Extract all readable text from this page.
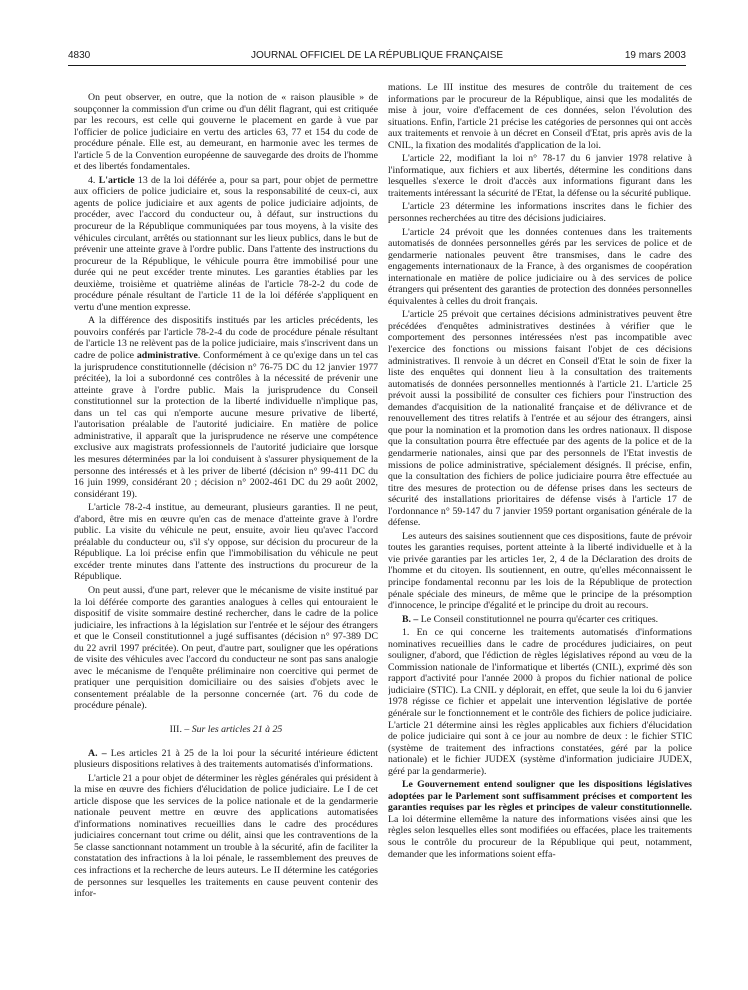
4830	JOURNAL OFFICIEL DE LA RÉPUBLIQUE FRANÇAISE	19 mars 2003

On peut observer, en outre, que la notion de « raison plausible » de soupçonner la commission d'un crime ou d'un délit flagrant, qui est critiquée par les recours, est celle qui gouverne le placement en garde à vue par l'officier de police judiciaire en vertu des articles 63, 77 et 154 du code de procédure pénale. Elle est, au demeurant, en harmonie avec les termes de l'article 5 de la Convention européenne de sauvegarde des droits de l'homme et des libertés fondamentales.

4. L'article 13 de la loi déférée a, pour sa part, pour objet de permettre aux officiers de police judiciaire et, sous la responsabilité de ceux-ci, aux agents de police judiciaire et aux agents de police judiciaire adjoints, de procéder, avec l'accord du conducteur ou, à défaut, sur instructions du procureur de la République communiquées par tous moyens, à la visite des véhicules circulant, arrêtés ou stationnant sur les lieux publics, dans le but de prévenir une atteinte grave à l'ordre public. Dans l'attente des instructions du procureur de la République, le véhicule pourra être immobilisé pour une durée qui ne peut excéder trente minutes. Les garanties établies par les deuxième, troisième et quatrième alinéas de l'article 78-2-2 du code de procédure pénale résultant de l'article 11 de la loi déférée s'appliquent en vertu d'une mention expresse.

A la différence des dispositifs institués par les articles précédents, les pouvoirs conférés par l'article 78-2-4 du code de procédure pénale résultant de l'article 13 ne relèvent pas de la police judiciaire, mais s'inscrivent dans un cadre de police administrative. Conformément à ce qu'exige dans un tel cas la jurisprudence constitutionnelle (décision n° 76-75 DC du 12 janvier 1977 précitée), la loi a subordonné ces contrôles à la nécessité de prévenir une atteinte grave à l'ordre public. Mais la jurisprudence du Conseil constitutionnel sur la protection de la liberté individuelle n'implique pas, dans un tel cas qui n'emporte aucune mesure privative de liberté, l'autorisation préalable de l'autorité judiciaire. En matière de police administrative, il apparaît que la jurisprudence ne réserve une compétence exclusive aux magistrats professionnels de l'autorité judiciaire que lorsque les mesures déterminées par la loi conduisent à s'assurer physiquement de la personne des intéressés et à les priver de liberté (décision n° 99-411 DC du 16 juin 1999, considérant 20 ; décision n° 2002-461 DC du 29 août 2002, considérant 19).

L'article 78-2-4 institue, au demeurant, plusieurs garanties. Il ne peut, d'abord, être mis en œuvre qu'en cas de menace d'atteinte grave à l'ordre public. La visite du véhicule ne peut, ensuite, avoir lieu qu'avec l'accord préalable du conducteur ou, s'il s'y oppose, sur décision du procureur de la République. La loi précise enfin que l'immobilisation du véhicule ne peut excéder trente minutes dans l'attente des instructions du procureur de la République.

On peut aussi, d'une part, relever que le mécanisme de visite institué par la loi déférée comporte des garanties analogues à celles qui entouraient le dispositif de visite sommaire destiné rechercher, dans le cadre de la police judiciaire, les infractions à la législation sur l'entrée et le séjour des étrangers et que le Conseil constitutionnel a jugé suffisantes (décision n° 97-389 DC du 22 avril 1997 précitée). On peut, d'autre part, souligner que les opérations de visite des véhicules avec l'accord du conducteur ne sont pas sans analogie avec le mécanisme de l'enquête préliminaire non coercitive qui permet de pratiquer une perquisition domiciliaire ou des saisies d'objets avec le consentement préalable de la personne concernée (art. 76 du code de procédure pénale).

III. – Sur les articles 21 à 25

A. – Les articles 21 à 25 de la loi pour la sécurité intérieure édictent plusieurs dispositions relatives à des traitements automatisés d'informations.

L'article 21 a pour objet de déterminer les règles générales qui président à la mise en œuvre des fichiers d'élucidation de police judiciaire. Le I de cet article dispose que les services de la police nationale et de la gendarmerie nationale peuvent mettre en œuvre des applications automatisées d'informations nominatives recueillies dans le cadre des procédures judiciaires concernant tout crime ou délit, ainsi que les contraventions de la 5e classe sanctionnant notamment un trouble à la sécurité, afin de faciliter la constatation des infractions à la loi pénale, le rassemblement des preuves de ces infractions et la recherche de leurs auteurs. Le II détermine les catégories de personnes sur lesquelles les traitements en cause peuvent contenir des infor-

mations. Le III institue des mesures de contrôle du traitement de ces informations par le procureur de la République, ainsi que les modalités de mise à jour, voire d'effacement de ces données, selon l'évolution des situations. Enfin, l'article 21 précise les catégories de personnes qui ont accès aux traitements et renvoie à un décret en Conseil d'Etat, pris après avis de la CNIL, la fixation des modalités d'application de la loi.

L'article 22, modifiant la loi n° 78-17 du 6 janvier 1978 relative à l'informatique, aux fichiers et aux libertés, détermine les conditions dans lesquelles s'exerce le droit d'accès aux informations figurant dans les traitements intéressant la sécurité de l'Etat, la défense ou la sécurité publique.

L'article 23 détermine les informations inscrites dans le fichier des personnes recherchées au titre des décisions judiciaires.

L'article 24 prévoit que les données contenues dans les traitements automatisés de données personnelles gérés par les services de police et de gendarmerie nationales peuvent être transmises, dans le cadre des engagements internationaux de la France, à des organismes de coopération internationale en matière de police judiciaire ou à des services de police étrangers qui présentent des garanties de protection des données personnelles équivalentes à celles du droit français.

L'article 25 prévoit que certaines décisions administratives peuvent être précédées d'enquêtes administratives destinées à vérifier que le comportement des personnes intéressées n'est pas incompatible avec l'exercice des fonctions ou missions faisant l'objet de ces décisions administratives. Il renvoie à un décret en Conseil d'Etat le soin de fixer la liste des enquêtes qui donnent lieu à la consultation des traitements automatisés de données personnelles mentionnés à l'article 21. L'article 25 prévoit aussi la possibilité de consulter ces fichiers pour l'instruction des demandes d'acquisition de la nationalité française et de délivrance et de renouvellement des titres relatifs à l'entrée et au séjour des étrangers, ainsi que pour la nomination et la promotion dans les ordres nationaux. Il dispose que la consultation pourra être effectuée par des agents de la police et de la gendarmerie nationales, ainsi que par des personnels de l'Etat investis de missions de police administrative, spécialement désignés. Il précise, enfin, que la consultation des fichiers de police judiciaire pourra être effectuée au titre des mesures de protection ou de défense prises dans les secteurs de sécurité des installations prioritaires de défense visés à l'article 17 de l'ordonnance n° 59-147 du 7 janvier 1959 portant organisation générale de la défense.

Les auteurs des saisines soutiennent que ces dispositions, faute de prévoir toutes les garanties requises, portent atteinte à la liberté individuelle et à la vie privée garanties par les articles 1er, 2, 4 de la Déclaration des droits de l'homme et du citoyen. Ils soutiennent, en outre, qu'elles méconnaissent le principe fondamental reconnu par les lois de la République de protection pénale spéciale des mineurs, de même que le principe de la présomption d'innocence, le principe d'égalité et le principe du droit au recours.

B. – Le Conseil constitutionnel ne pourra qu'écarter ces critiques.

1. En ce qui concerne les traitements automatisés d'informations nominatives recueillies dans le cadre de procédures judiciaires, on peut souligner, d'abord, que l'édiction de règles législatives répond au vœu de la Commission nationale de l'informatique et libertés (CNIL), exprimé dès son rapport d'activité pour l'année 2000 à propos du fichier national de police judiciaire (STIC). La CNIL y déplorait, en effet, que seule la loi du 6 janvier 1978 régisse ce fichier et appelait une intervention législative de portée générale sur le fonctionnement et le contrôle des fichiers de police judiciaire. L'article 21 détermine ainsi les règles applicables aux fichiers d'élucidation de police judiciaire qui sont à ce jour au nombre de deux : le fichier STIC (système de traitement des infractions constatées, géré par la police nationale) et le fichier JUDEX (système d'information judiciaire JUDEX, géré par la gendarmerie).

Le Gouvernement entend souligner que les dispositions législatives adoptées par le Parlement sont suffisamment précises et comportent les garanties requises par les règles et principes de valeur constitutionnelle. La loi détermine ellemême la nature des informations visées ainsi que les règles selon lesquelles elles sont modifiées ou effacées, place les traitements sous le contrôle du procureur de la République qui peut, notamment, demander que les informations soient effa-
